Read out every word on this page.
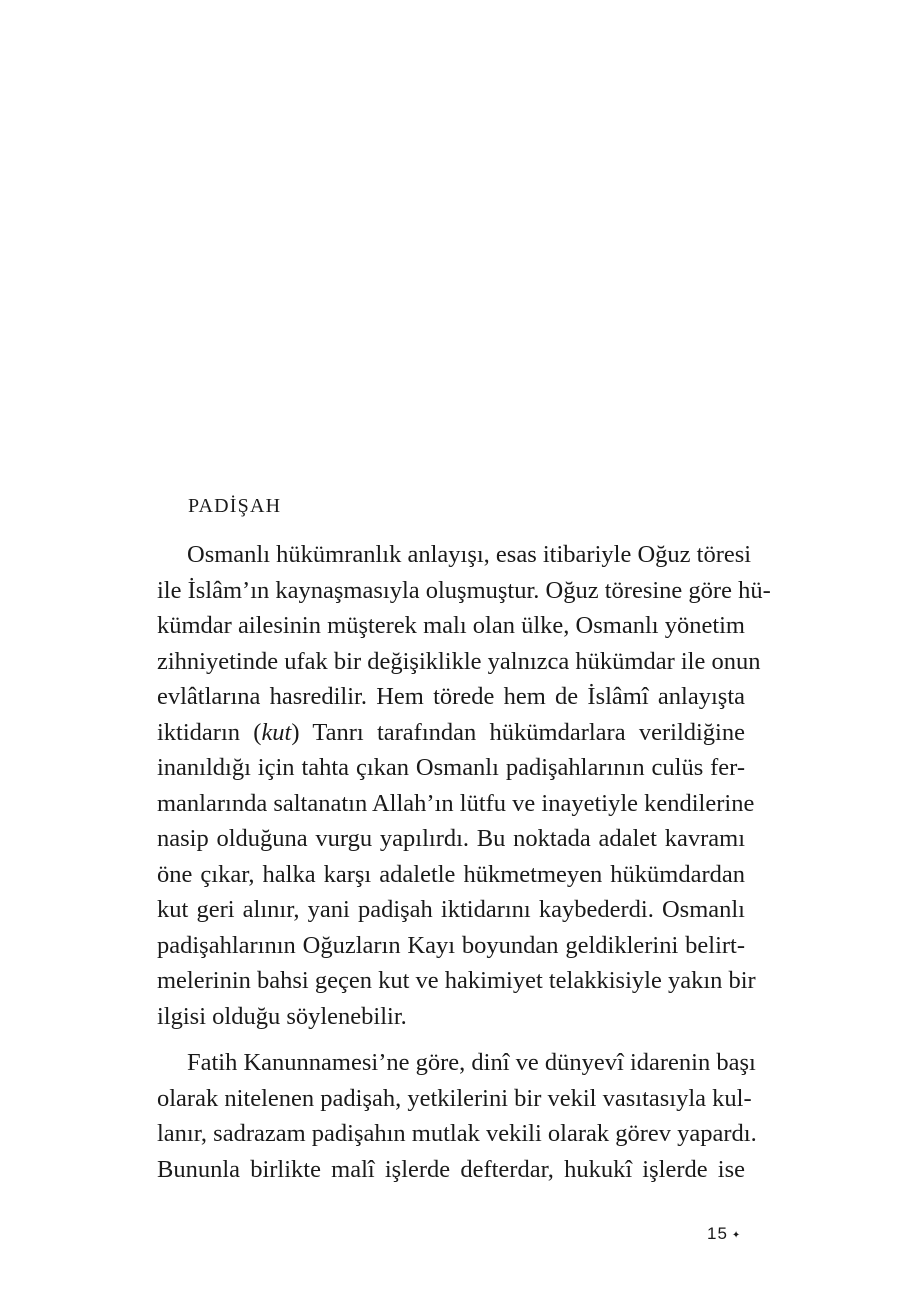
PADİŞAH
Osmanlı hükümranlık anlayışı, esas itibariyle Oğuz töresi
ile İslâm’ın kaynaşmasıyla oluşmuştur. Oğuz töresine göre hü-
kümdar ailesinin müşterek malı olan ülke, Osmanlı yönetim
zihniyetinde ufak bir değişiklikle yalnızca hükümdar ile onun
evlâtlarına hasredilir. Hem törede hem de İslâmî anlayışta
iktidarın (kut) Tanrı tarafından hükümdarlara verildiğine
inanıldığı için tahta çıkan Osmanlı padişahlarının culüs fer-
manlarında saltanatın Allah’ın lütfu ve inayetiyle kendilerine
nasip olduğuna vurgu yapılırdı. Bu noktada adalet kavramı
öne çıkar, halka karşı adaletle hükmetmeyen hükümdardan
kut geri alınır, yani padişah iktidarını kaybederdi. Osmanlı
padişahlarının Oğuzların Kayı boyundan geldiklerini belirt-
melerinin bahsi geçen kut ve hakimiyet telakkisiyle yakın bir
ilgisi olduğu söylenebilir.
Fatih Kanunnamesi’ne göre, dinî ve dünyevî idarenin başı
olarak nitelenen padişah, yetkilerini bir vekil vasıtasıyla kul-
lanır, sadrazam padişahın mutlak vekili olarak görev yapardı.
Bununla birlikte malî işlerde defterdar, hukukî işlerde ise
15 ✦
